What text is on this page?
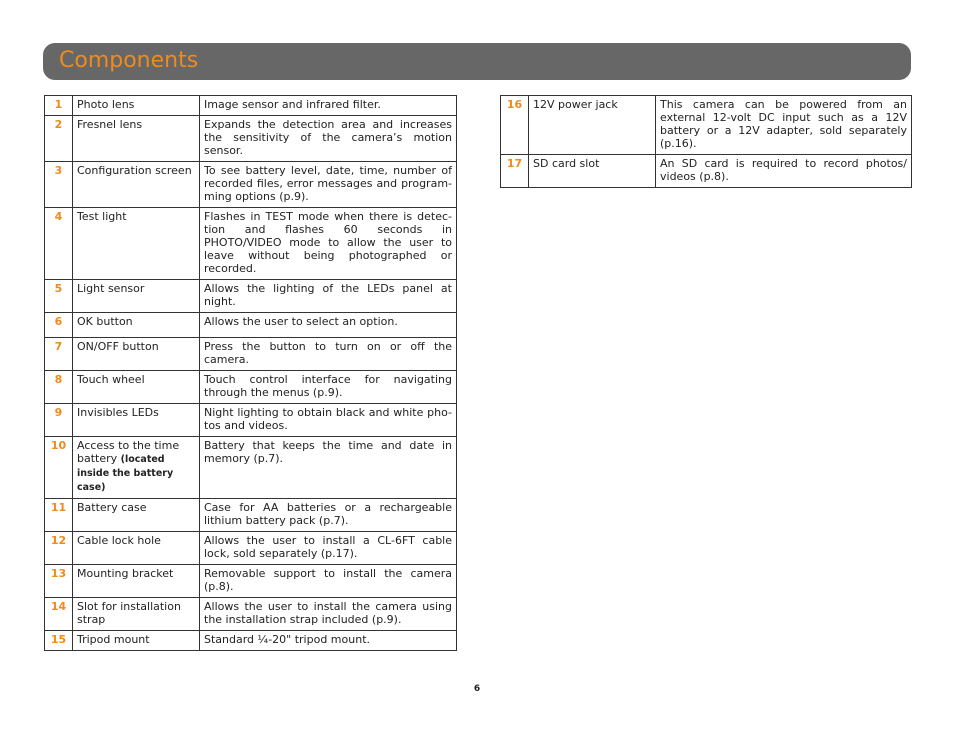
Components
1	Photo lens	Image sensor and infrared filter.
2	Fresnel lens	Expands the detection area and increases the sensitivity of the camera’s motion sensor.
3	Configuration screen	To see battery level, date, time, number of recorded files, error messages and program-ming options (p.9).
4	Test light	Flashes in TEST mode when there is detec-tion and flashes 60 seconds in PHOTO/VIDEO mode to allow the user to leave without being photographed or recorded.
5	Light sensor	Allows the lighting of the LEDs panel at night.
6	OK button	Allows the user to select an option.
7	ON/OFF button	Press the button to turn on or off the camera.
8	Touch wheel	Touch control interface for navigating through the menus (p.9).
9	Invisibles LEDs	Night lighting to obtain black and white pho-tos and videos.
10	Access to the time battery (located inside the battery case)	Battery that keeps the time and date in memory (p.7).
11	Battery case	Case for AA batteries or a rechargeable lithium battery pack (p.7).
12	Cable lock hole	Allows the user to install a CL-6FT cable lock, sold separately (p.17).
13	Mounting bracket	Removable support to install the camera (p.8).
14	Slot for installation strap	Allows the user to install the camera using the installation strap included (p.9).
15	Tripod mount	Standard ¼-20" tripod mount.
16	12V power jack	This camera can be powered from an external 12-volt DC input such as a 12V battery or a 12V adapter, sold separately (p.16).
17	SD card slot	An SD card is required to record photos/ videos (p.8).
6
